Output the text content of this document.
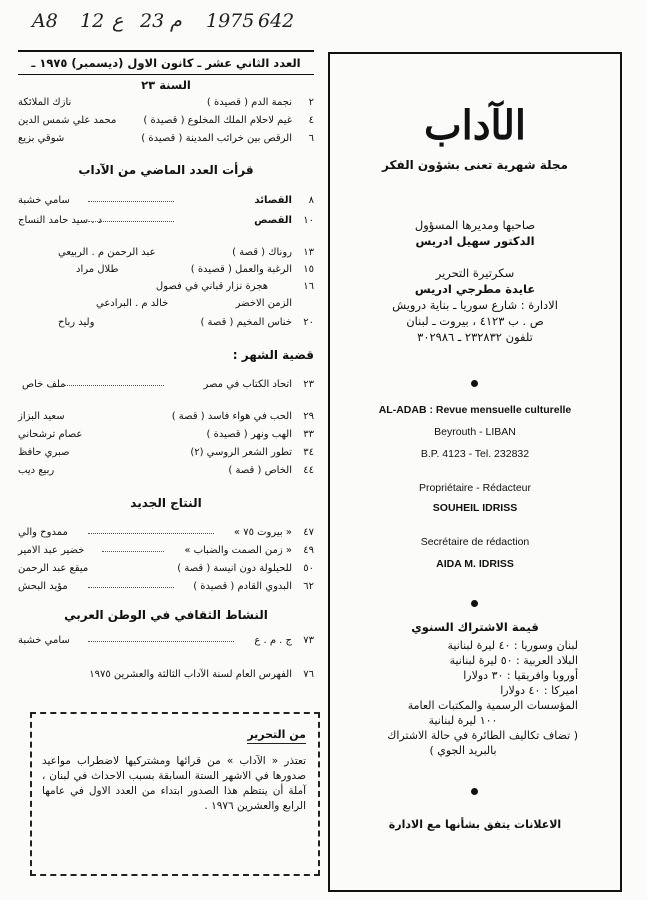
A8 12 ع 23 م 1975 642
العدد الثاني عشر ـ كانون الاول (ديسمبر) ١٩٧٥ ـ السنة ٢٣
٢
نجمة الدم ( قصيدة )
نازك الملائكة
٤
غيم لاحلام الملك المخلوع ( قصيدة )
محمد علي شمس الدين
٦
الرقص بين خرائب المدينة ( قصيدة )
شوقي بزيع
قرأت العدد الماضي من الآداب
٨
القصائد
سامي خشبة
١٠
القصص
د . سيد حامد النساج
١٣
روناك ( قصة )
عبد الرحمن م . الربيعي
١٥
الرغبة والعمل ( قصيدة )
طلال مراد
١٦
هجرة نزار قباني في فصول
الزمن الاخضر
خالد م . البرادعي
٢٠
خناس المخيم ( قصة )
وليد رباح
قضية الشهر :
٢٣
اتحاد الكتاب في مصر
ملف خاص
٢٩
الحب في هواء فاسد ( قصة )
سعيد البزاز
٣٣
الهب ونهر ( قصيدة )
عصام ترشحاني
٣٤
تطور الشعر الروسي (٢)
صبري حافظ
٤٤
الخاص ( قصة )
ربيع ديب
النتاج الجديد
٤٧
« بيروت ٧٥ »
ممدوح والي
٤٩
« زمن الصمت والضباب »
خضير عبد الامير
٥٠
للحيلولة دون انيسة ( قصة )
ميقع عبد الرحمن
٦٢
البدوي القادم ( قصيدة )
مؤيد البحش
النشاط الثقافي في الوطن العربي
٧٣
ج . م . ع
سامي خشبة
٧٦
الفهرس العام لسنة الآداب الثالثة والعشرين ١٩٧٥
من التحرير
تعتذر « الآداب » من قرائها ومشتركيها لاضطراب مواعيد صدورها في الاشهر الستة السابقة بسبب الاحداث في لبنان ، آملة أن ينتظم هذا الصدور ابتداء من العدد الاول في عامها الرابع والعشرين ١٩٧٦ .
الآداب
مجلة شهرية تعنى بشؤون الفكر
صاحبها ومديرها المسؤول
الدكتور سهيل ادريس
سكرتيرة التحرير
عايدة مطرجي ادريس
الادارة : شارع سوريا ـ بناية درويش
ص . ب ٤١٢٣ ، بيروت ـ لبنان
تلفون ٢٣٢٨٣٢ ـ ٣٠٢٩٨٦
AL-ADAB : Revue mensuelle culturelle
Beyrouth - LIBAN
B.P. 4123 - Tel. 232832
Propriétaire - Rédacteur
SOUHEIL IDRISS
Secrétaire de rédaction
AIDA M. IDRISS
قيمة الاشتراك السنوي
لبنان وسوريا : ٤٠ ليرة لبنانية
البلاد العربية : ٥٠ ليرة لبنانية
أوروبا وافريقيا : ٣٠ دولارا
اميركا : ٤٠ دولارا
المؤسسات الرسمية والمكتبات العامة
١٠٠ ليرة لبنانية
( تضاف تكاليف الطائرة في حالة الاشتراك
بالبريد الجوي )
الاعلانات يتفق بشأنها مع الادارة
